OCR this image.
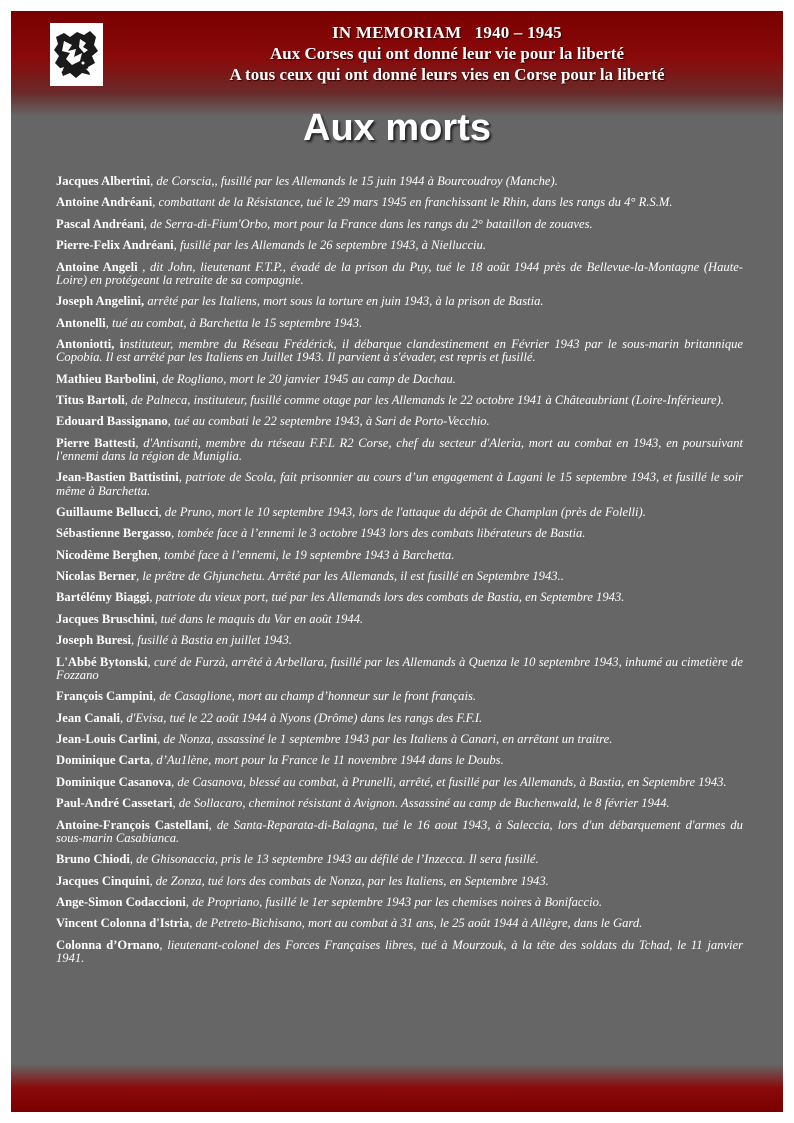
IN MEMORIAM   1940 – 1945
Aux Corses qui ont donné leur vie pour la liberté
A tous ceux qui ont donné leurs vies en Corse pour la liberté
Aux morts

Jacques Albertini, de Corscia,, fusillé par les Allemands le 15 juin 1944 à Bourcoudroy (Manche).

Antoine Andréani, combattant de la Résistance, tué le 29 mars 1945 en franchissant le Rhin, dans les rangs du 4° R.S.M.

Pascal Andréani, de Serra-di-Fium'Orbo, mort pour la France dans les rangs du 2° bataillon de zouaves.

Pierre-Felix Andréani, fusillé par les Allemands le 26 septembre 1943, à Niellucciu.

Antoine Angeli , dit John, lieutenant F.T.P., évadé de la prison du Puy, tué le 18 août 1944 près de Bellevue-la-Montagne (Haute-Loire) en protégeant la retraite de sa compagnie.

Joseph Angelini, arrêté par les Italiens, mort sous la torture en juin 1943, à la prison de Bastia.

Antonelli, tué au combat, à Barchetta le 15 septembre 1943.

Antoniotti, instituteur, membre du Réseau Frédérick, il débarque clandestinement en Février 1943 par le sous-marin britannique Copobia. Il est arrêté par les Italiens en Juillet 1943. Il parvient à s'évader, est repris et fusillé.

Mathieu Barbolini, de Rogliano, mort le 20 janvier 1945 au camp de Dachau.

Titus Bartoli, de Palneca, instituteur, fusillé comme otage par les Allemands le 22 octobre 1941 à Châteaubriant (Loire-Inférieure).

Edouard Bassignano, tué au combati le 22 septembre 1943, à Sari de Porto-Vecchio.

Pierre Battesti, d'Antisanti, membre du rtéseau F.F.L R2 Corse, chef du secteur d'Aleria, mort au combat en 1943, en poursuivant l'ennemi dans la région de Muniglia.

Jean-Bastien Battistini, patriote de Scola, fait prisonnier au cours d’un engagement à Lagani le 15 septembre 1943, et fusillé le soir même à Barchetta.

Guillaume Bellucci, de Pruno, mort le 10 septembre 1943, lors de l'attaque du dépôt de Champlan (près de Folelli).

Sébastienne Bergasso, tombée face à l’ennemi le 3 octobre 1943 lors des combats libérateurs de Bastia.

Nicodème Berghen, tombé face à l’ennemi, le 19 septembre 1943 à Barchetta.

Nicolas Berner, le prêtre de Ghjunchetu. Arrêté par les Allemands, il est fusillé en Septembre 1943..

Bartélémy Biaggi, patriote du vieux port, tué par les Allemands lors des combats de Bastia, en Septembre 1943.

Jacques Bruschini, tué dans le maquis du Var en août 1944.

Joseph Buresi, fusillé à Bastia en juillet 1943.

L'Abbé Bytonski, curé de Furzà, arrêté à Arbellara, fusillé par les Allemands à Quenza le 10 septembre 1943, inhumé au cimetière de Fozzano

François Campini, de Casaglione, mort au champ d’honneur sur le front français.

Jean Canali, d'Evisa, tué le 22 août 1944 à Nyons (Drôme) dans les rangs des F.F.I.

Jean-Louis Carlini, de Nonza, assassiné le 1 septembre 1943 par les Italiens à Canari, en arrêtant un traitre.

Dominique Carta, d’Au1lène, mort pour la France le 11 novembre 1944 dans le Doubs.

Dominique Casanova, de Casanova, blessé au combat, à Prunelli, arrêté, et fusillé par les Allemands, à Bastia, en Septembre 1943.

Paul-André Cassetari, de Sollacaro, cheminot résistant à Avignon. Assassiné au camp de Buchenwald, le 8 février 1944.

Antoine-François Castellani, de Santa-Reparata-di-Balagna, tué le 16 aout 1943, à Saleccia, lors d'un débarquement d'armes du sous-marin Casabianca.

Bruno Chiodi, de Ghisonaccia, pris le 13 septembre 1943 au défilé de l’Inzecca. Il sera fusillé.

Jacques Cinquini, de Zonza, tué lors des combats de Nonza, par les Italiens, en Septembre 1943.

Ange-Simon Codaccioni, de Propriano, fusillé le 1er septembre 1943 par les chemises noires à Bonifaccio.

Vincent Colonna d'Istria, de Petreto-Bichisano, mort au combat à 31 ans, le 25 août 1944 à Allègre, dans le Gard.

Colonna d’Ornano, lieutenant-colonel des Forces Françaises libres, tué à Mourzouk, à la tête des soldats du Tchad, le 11 janvier 1941.
